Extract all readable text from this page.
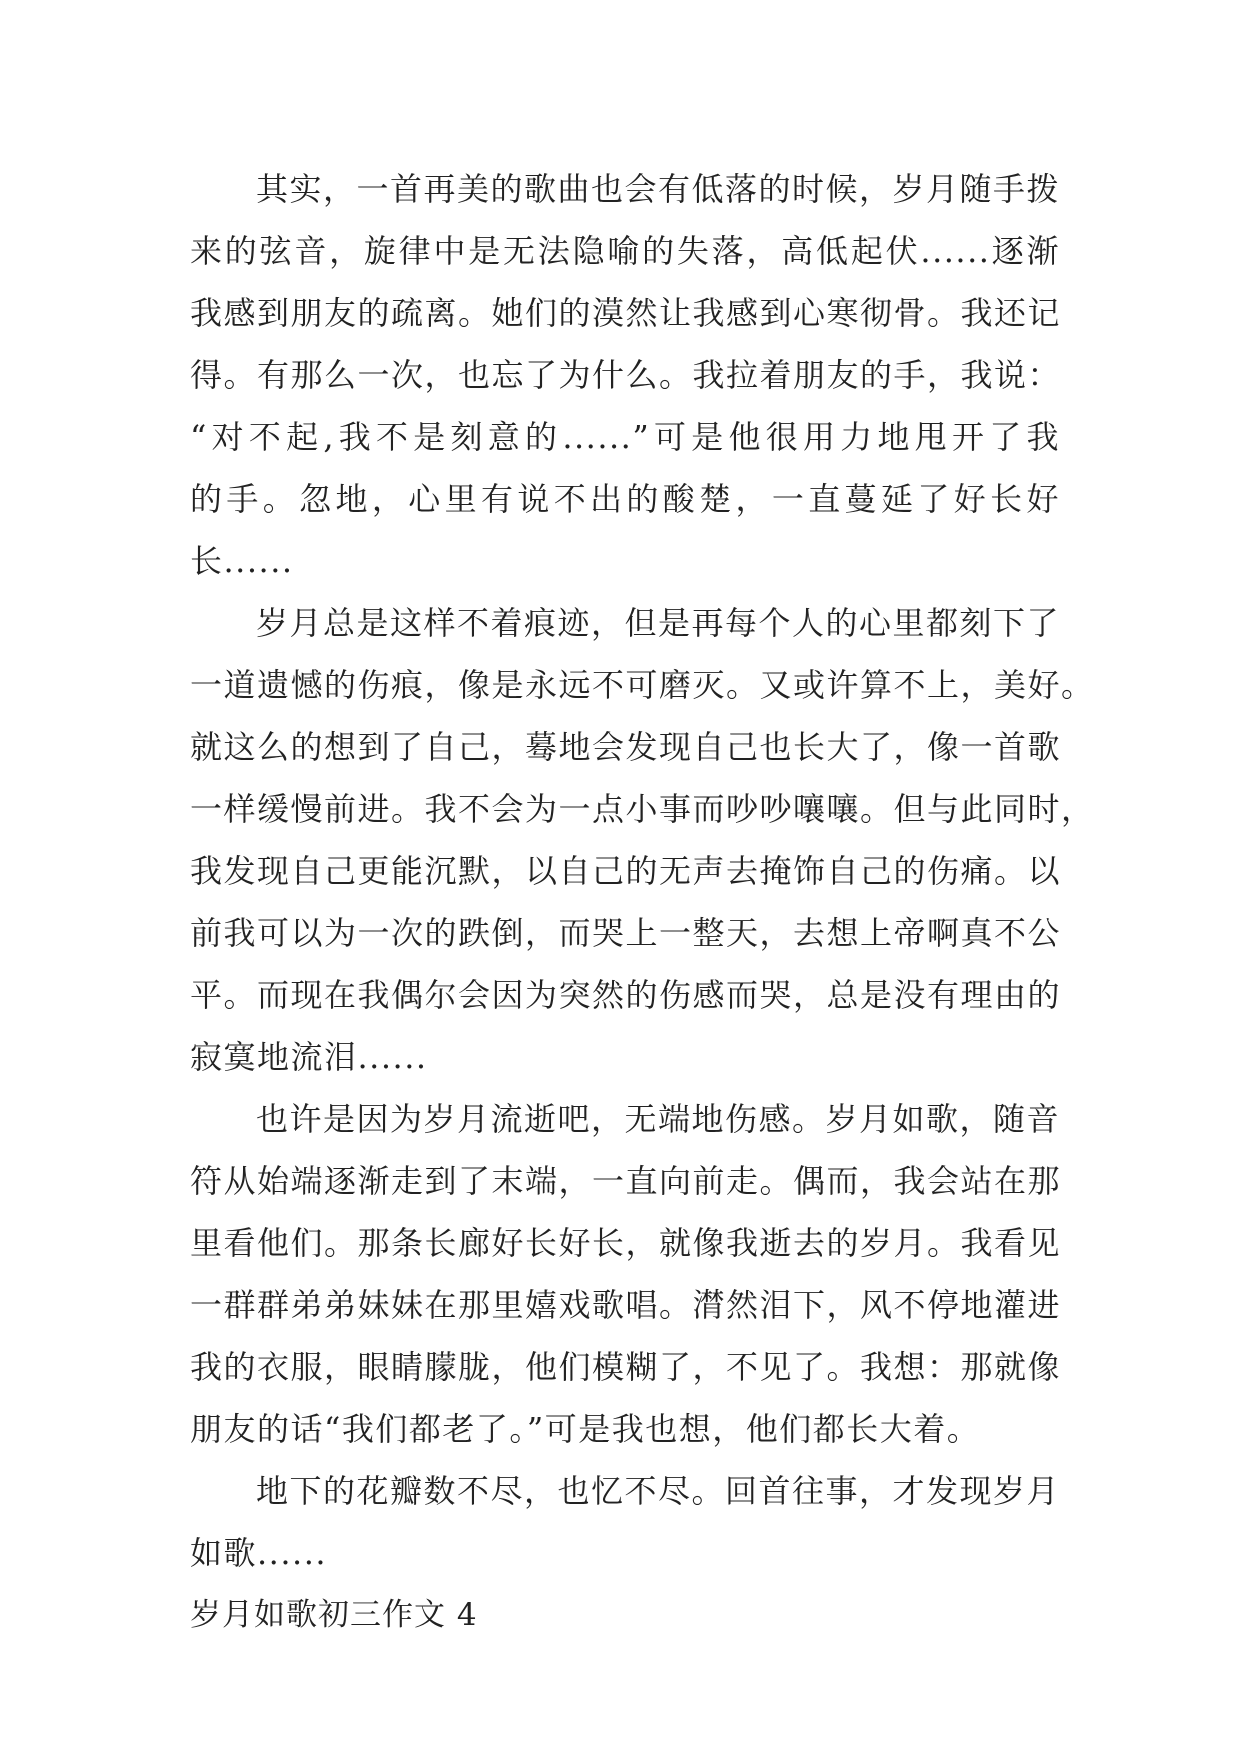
其实，一首再美的歌曲也会有低落的时候，岁月随手拨
来的弦音，旋律中是无法隐喻的失落，高低起伏......逐渐
我感到朋友的疏离。她们的漠然让我感到心寒彻骨。我还记
得。有那么一次，也忘了为什么。我拉着朋友的手，我说：
“对不起,我不是刻意的......”可是他很用力地甩开了我
的手。忽地，心里有说不出的酸楚，一直蔓延了好长好
长......
岁月总是这样不着痕迹，但是再每个人的心里都刻下了
一道遗憾的伤痕，像是永远不可磨灭。又或许算不上，美好。
就这么的想到了自己，蓦地会发现自己也长大了，像一首歌
一样缓慢前进。我不会为一点小事而吵吵嚷嚷。但与此同时，
我发现自己更能沉默，以自己的无声去掩饰自己的伤痛。以
前我可以为一次的跌倒，而哭上一整天，去想上帝啊真不公
平。而现在我偶尔会因为突然的伤感而哭，总是没有理由的
寂寞地流泪......
也许是因为岁月流逝吧，无端地伤感。岁月如歌，随音
符从始端逐渐走到了末端，一直向前走。偶而，我会站在那
里看他们。那条长廊好长好长，就像我逝去的岁月。我看见
一群群弟弟妹妹在那里嬉戏歌唱。潸然泪下，风不停地灌进
我的衣服，眼睛朦胧，他们模糊了，不见了。我想：那就像
朋友的话“我们都老了。”可是我也想，他们都长大着。
地下的花瓣数不尽，也忆不尽。回首往事，才发现岁月
如歌......
岁月如歌初三作文 4
